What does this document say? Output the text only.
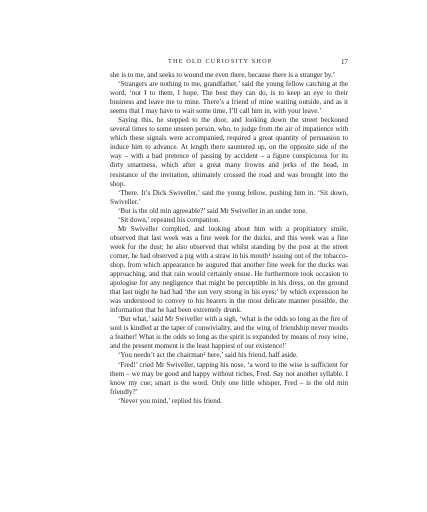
THE OLD CURIOSITY SHOP	17

she is to me, and seeks to wound me even there, because there is a stranger by.’

‘Strangers are nothing to me, grandfather,’ said the young fellow catching at the word, ‘nor I to them, I hope. The best they can do, is to keep an eye to their business and leave me to mine. There’s a friend of mine waiting outside, and as it seems that I may have to wait some time, I’ll call him in, with your leave.’

Saying this, he stepped to the door, and looking down the street beckoned several times to some unseen person, who, to judge from the air of impatience with which these signals were accompanied, required a great quantity of persuasion to induce him to advance. At length there sauntered up, on the opposite side of the way – with a bad pretence of passing by accident – a figure conspicuous for its dirty smartness, which after a great many frowns and jerks of the head, in resistance of the invitation, ultimately crossed the road and was brought into the shop.

‘There. It’s Dick Swiveller,’ said the young fellow, pushing him in. ‘Sit down, Swiveller.’

‘But is the old min agreeable?’ said Mr Swiveller in an under tone.

‘Sit down,’ repeated his companion.

Mr Swiveller complied, and looking about him with a propitiatory smile, observed that last week was a fine week for the ducks, and this week was a fine week for the dust; he also observed that whilst standing by the post at the street corner, he had observed a pig with a straw in his mouth¹ issuing out of the tobacco-shop, from which appearance he augured that another fine week for the ducks was approaching, and that rain would certainly ensue. He furthermore took occasion to apologise for any negligence that might be perceptible in his dress, on the ground that last night he had had ‘the sun very strong in his eyes;’ by which expression he was understood to convey to his hearers in the most delicate manner possible, the information that he had been extremely drunk.

‘But what,’ said Mr Swiveller with a sigh, ‘what is the odds so long as the fire of soul is kindled at the taper of conwiviality, and the wing of friendship never moults a feather! What is the odds so long as the spirit is expanded by means of rosy wine, and the present moment is the least happiest of our existence!’

‘You needn’t act the chairman² here,’ said his friend, half aside.

‘Fred!’ cried Mr Swiveller, tapping his nose, ‘a word to the wise is sufficient for them – we may be good and happy without riches, Fred. Say not another syllable. I know my cue; smart is the word. Only one little whisper, Fred – is the old min friendly?’

‘Never you mind,’ replied his friend.
